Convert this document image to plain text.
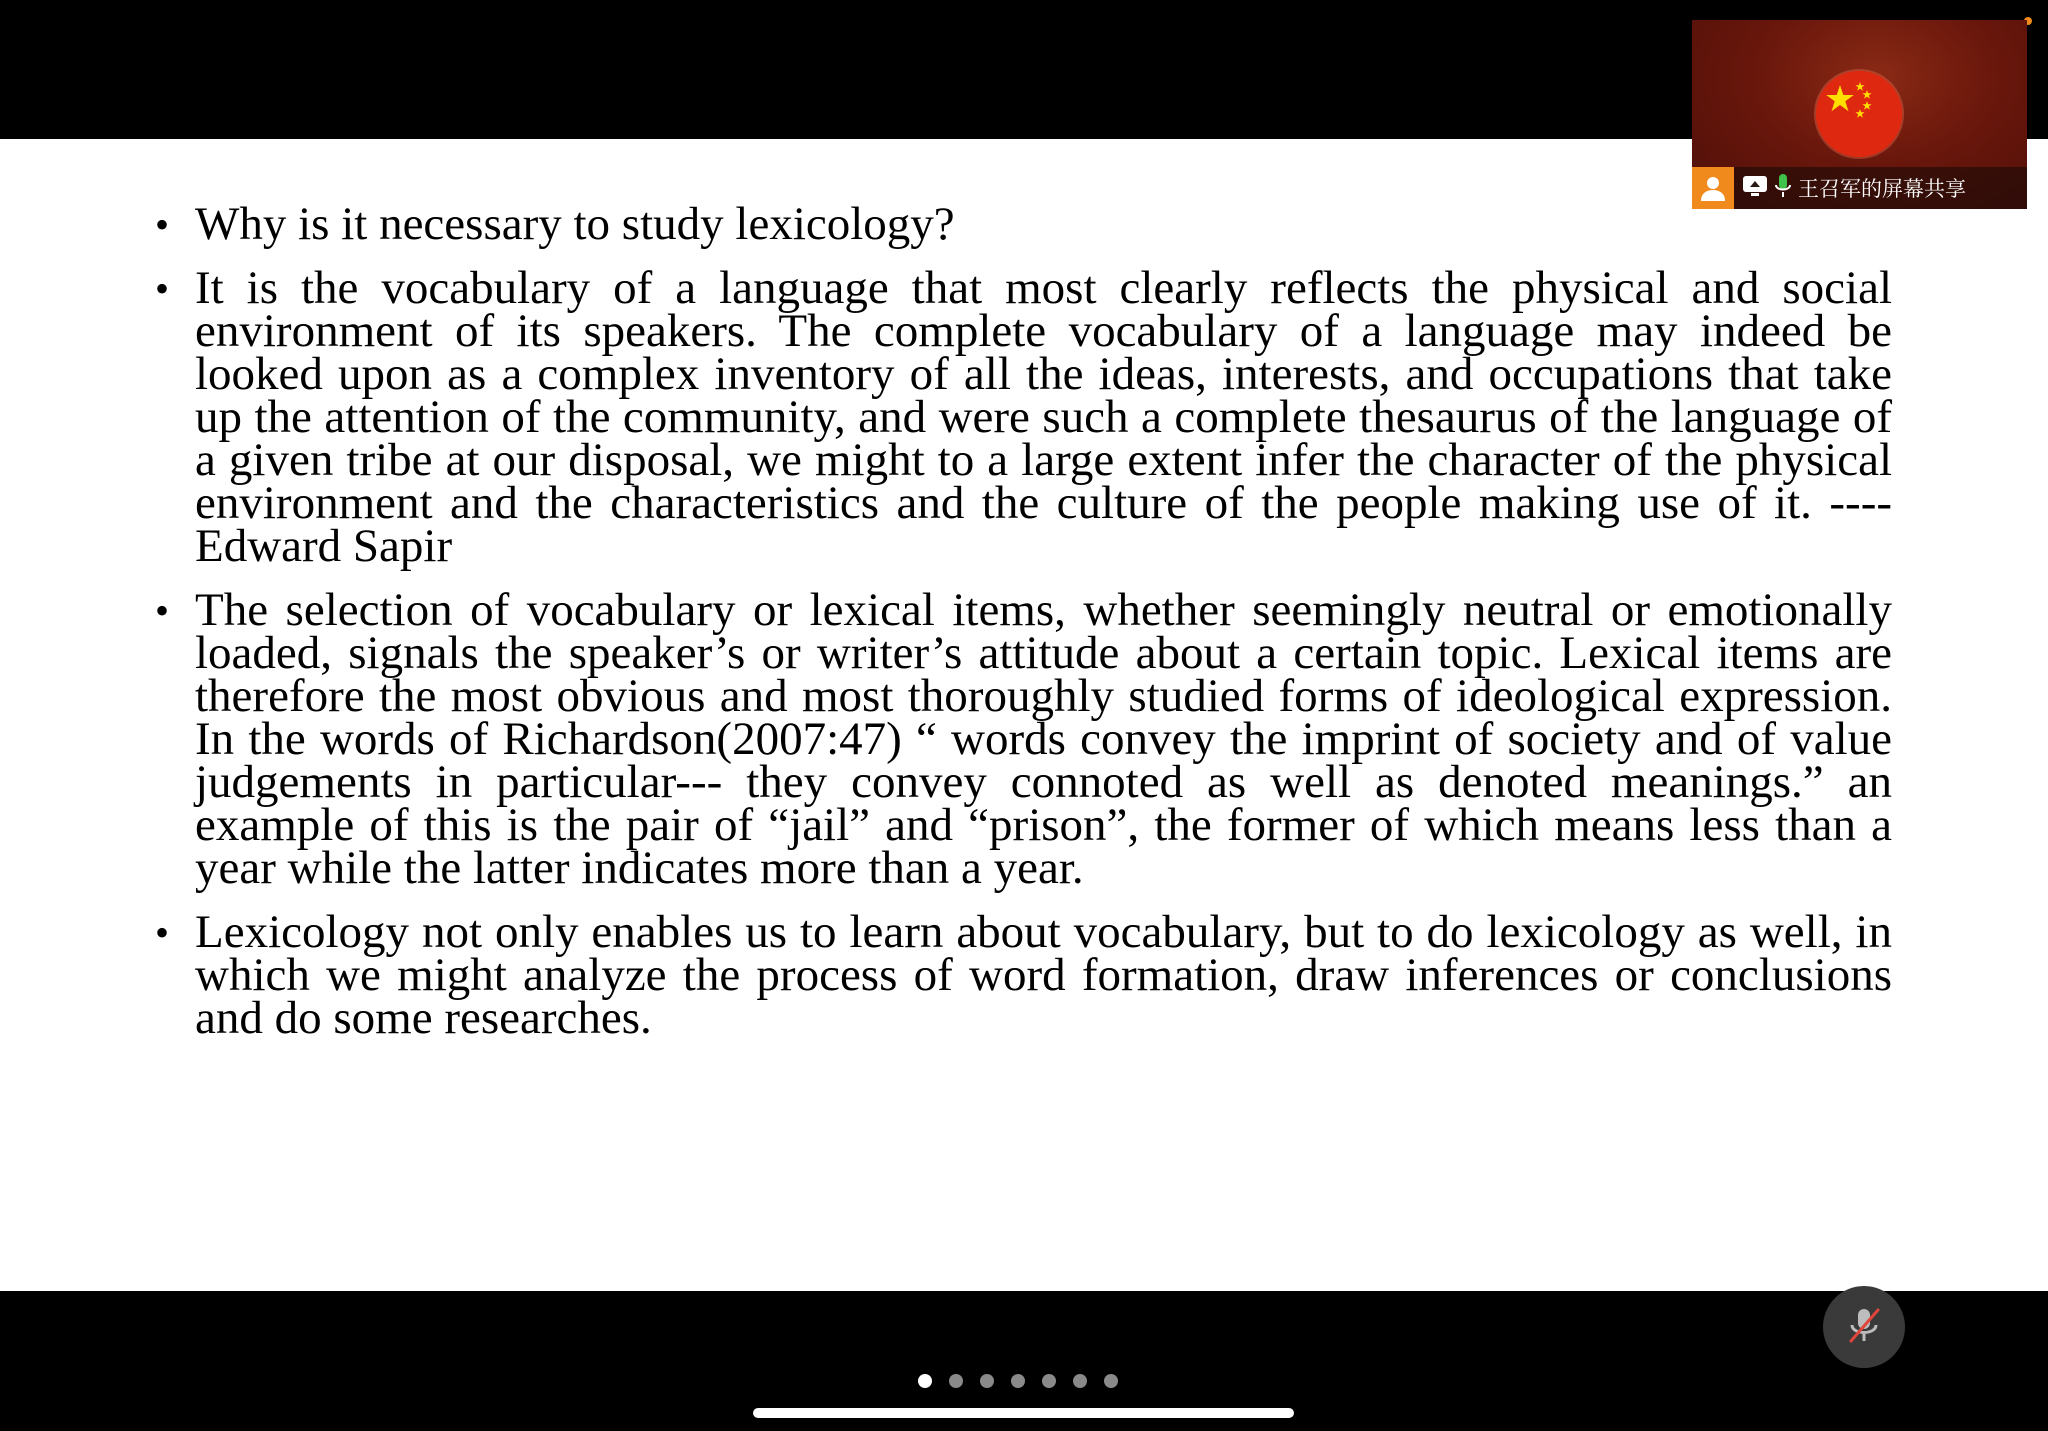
• Why is it necessary to study lexicology?
• It is the vocabulary of a language that most clearly reflects the physical and social environment of its speakers. The complete vocabulary of a language may indeed be looked upon as a complex inventory of all the ideas, interests, and occupations that take up the attention of the community, and were such a complete thesaurus of the language of a given tribe at our disposal, we might to a large extent infer the character of the physical environment and the characteristics and the culture of the people making use of it. ----Edward Sapir
• The selection of vocabulary or lexical items, whether seemingly neutral or emotionally loaded, signals the speaker’s or writer’s attitude about a certain topic. Lexical items are therefore the most obvious and most thoroughly studied forms of ideological expression. In the words of Richardson(2007:47) “ words convey the imprint of society and of value judgements in particular--- they convey connoted as well as denoted meanings.” an example of this is the pair of “jail” and “prison”, the former of which means less than a year while the latter indicates more than a year.
• Lexicology not only enables us to learn about vocabulary, but to do lexicology as well, in which we might analyze the process of word formation, draw inferences or conclusions and do some researches.
王召军的屏幕共享
